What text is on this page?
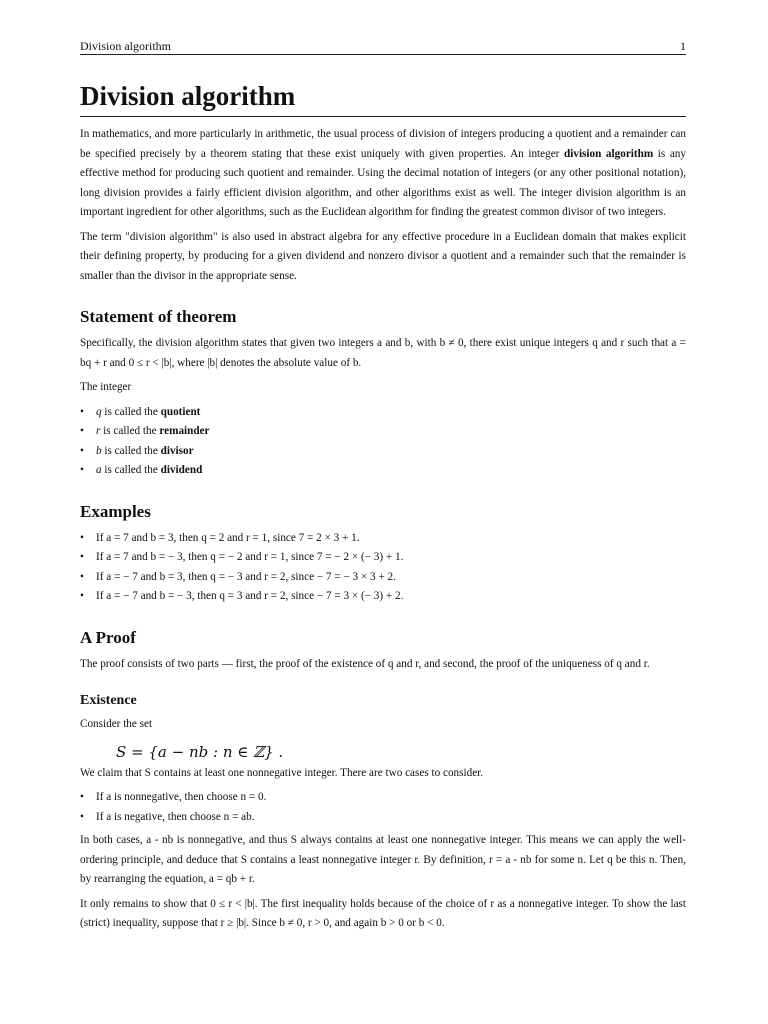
Division algorithm	1
Division algorithm

In mathematics, and more particularly in arithmetic, the usual process of division of integers producing a quotient and a remainder can be specified precisely by a theorem stating that these exist uniquely with given properties. An integer division algorithm is any effective method for producing such quotient and remainder. Using the decimal notation of integers (or any other positional notation), long division provides a fairly efficient division algorithm, and other algorithms exist as well. The integer division algorithm is an important ingredient for other algorithms, such as the Euclidean algorithm for finding the greatest common divisor of two integers.

The term "division algorithm" is also used in abstract algebra for any effective procedure in a Euclidean domain that makes explicit their defining property, by producing for a given dividend and nonzero divisor a quotient and a remainder such that the remainder is smaller than the divisor in the appropriate sense.

Statement of theorem

Specifically, the division algorithm states that given two integers a and b, with b ≠ 0, there exist unique integers q and r such that a = bq + r and 0 ≤ r < |b|, where |b| denotes the absolute value of b.

The integer

• q is called the quotient
• r is called the remainder
• b is called the divisor
• a is called the dividend
Examples
• If a = 7 and b = 3, then q = 2 and r = 1, since 7 = 2 × 3 + 1.
• If a = 7 and b = − 3, then q = − 2 and r = 1, since 7 = − 2 × (− 3) + 1.
• If a = − 7 and b = 3, then q = − 3 and r = 2, since − 7 = − 3 × 3 + 2.
• If a = − 7 and b = − 3, then q = 3 and r = 2, since − 7 = 3 × (− 3) + 2.
A Proof

The proof consists of two parts — first, the proof of the existence of q and r, and second, the proof of the uniqueness of q and r.

Existence

Consider the set

S = {a − nb : n ∈ ℤ} .

We claim that S contains at least one nonnegative integer. There are two cases to consider.

• If a is nonnegative, then choose n = 0.
• If a is negative, then choose n = ab.

In both cases, a - nb is nonnegative, and thus S always contains at least one nonnegative integer. This means we can apply the well-ordering principle, and deduce that S contains a least nonnegative integer r. By definition, r = a - nb for some n. Let q be this n. Then, by rearranging the equation, a = qb + r.

It only remains to show that 0 ≤ r < |b|. The first inequality holds because of the choice of r as a nonnegative integer. To show the last (strict) inequality, suppose that r ≥ |b|. Since b ≠ 0, r > 0, and again b > 0 or b < 0.
